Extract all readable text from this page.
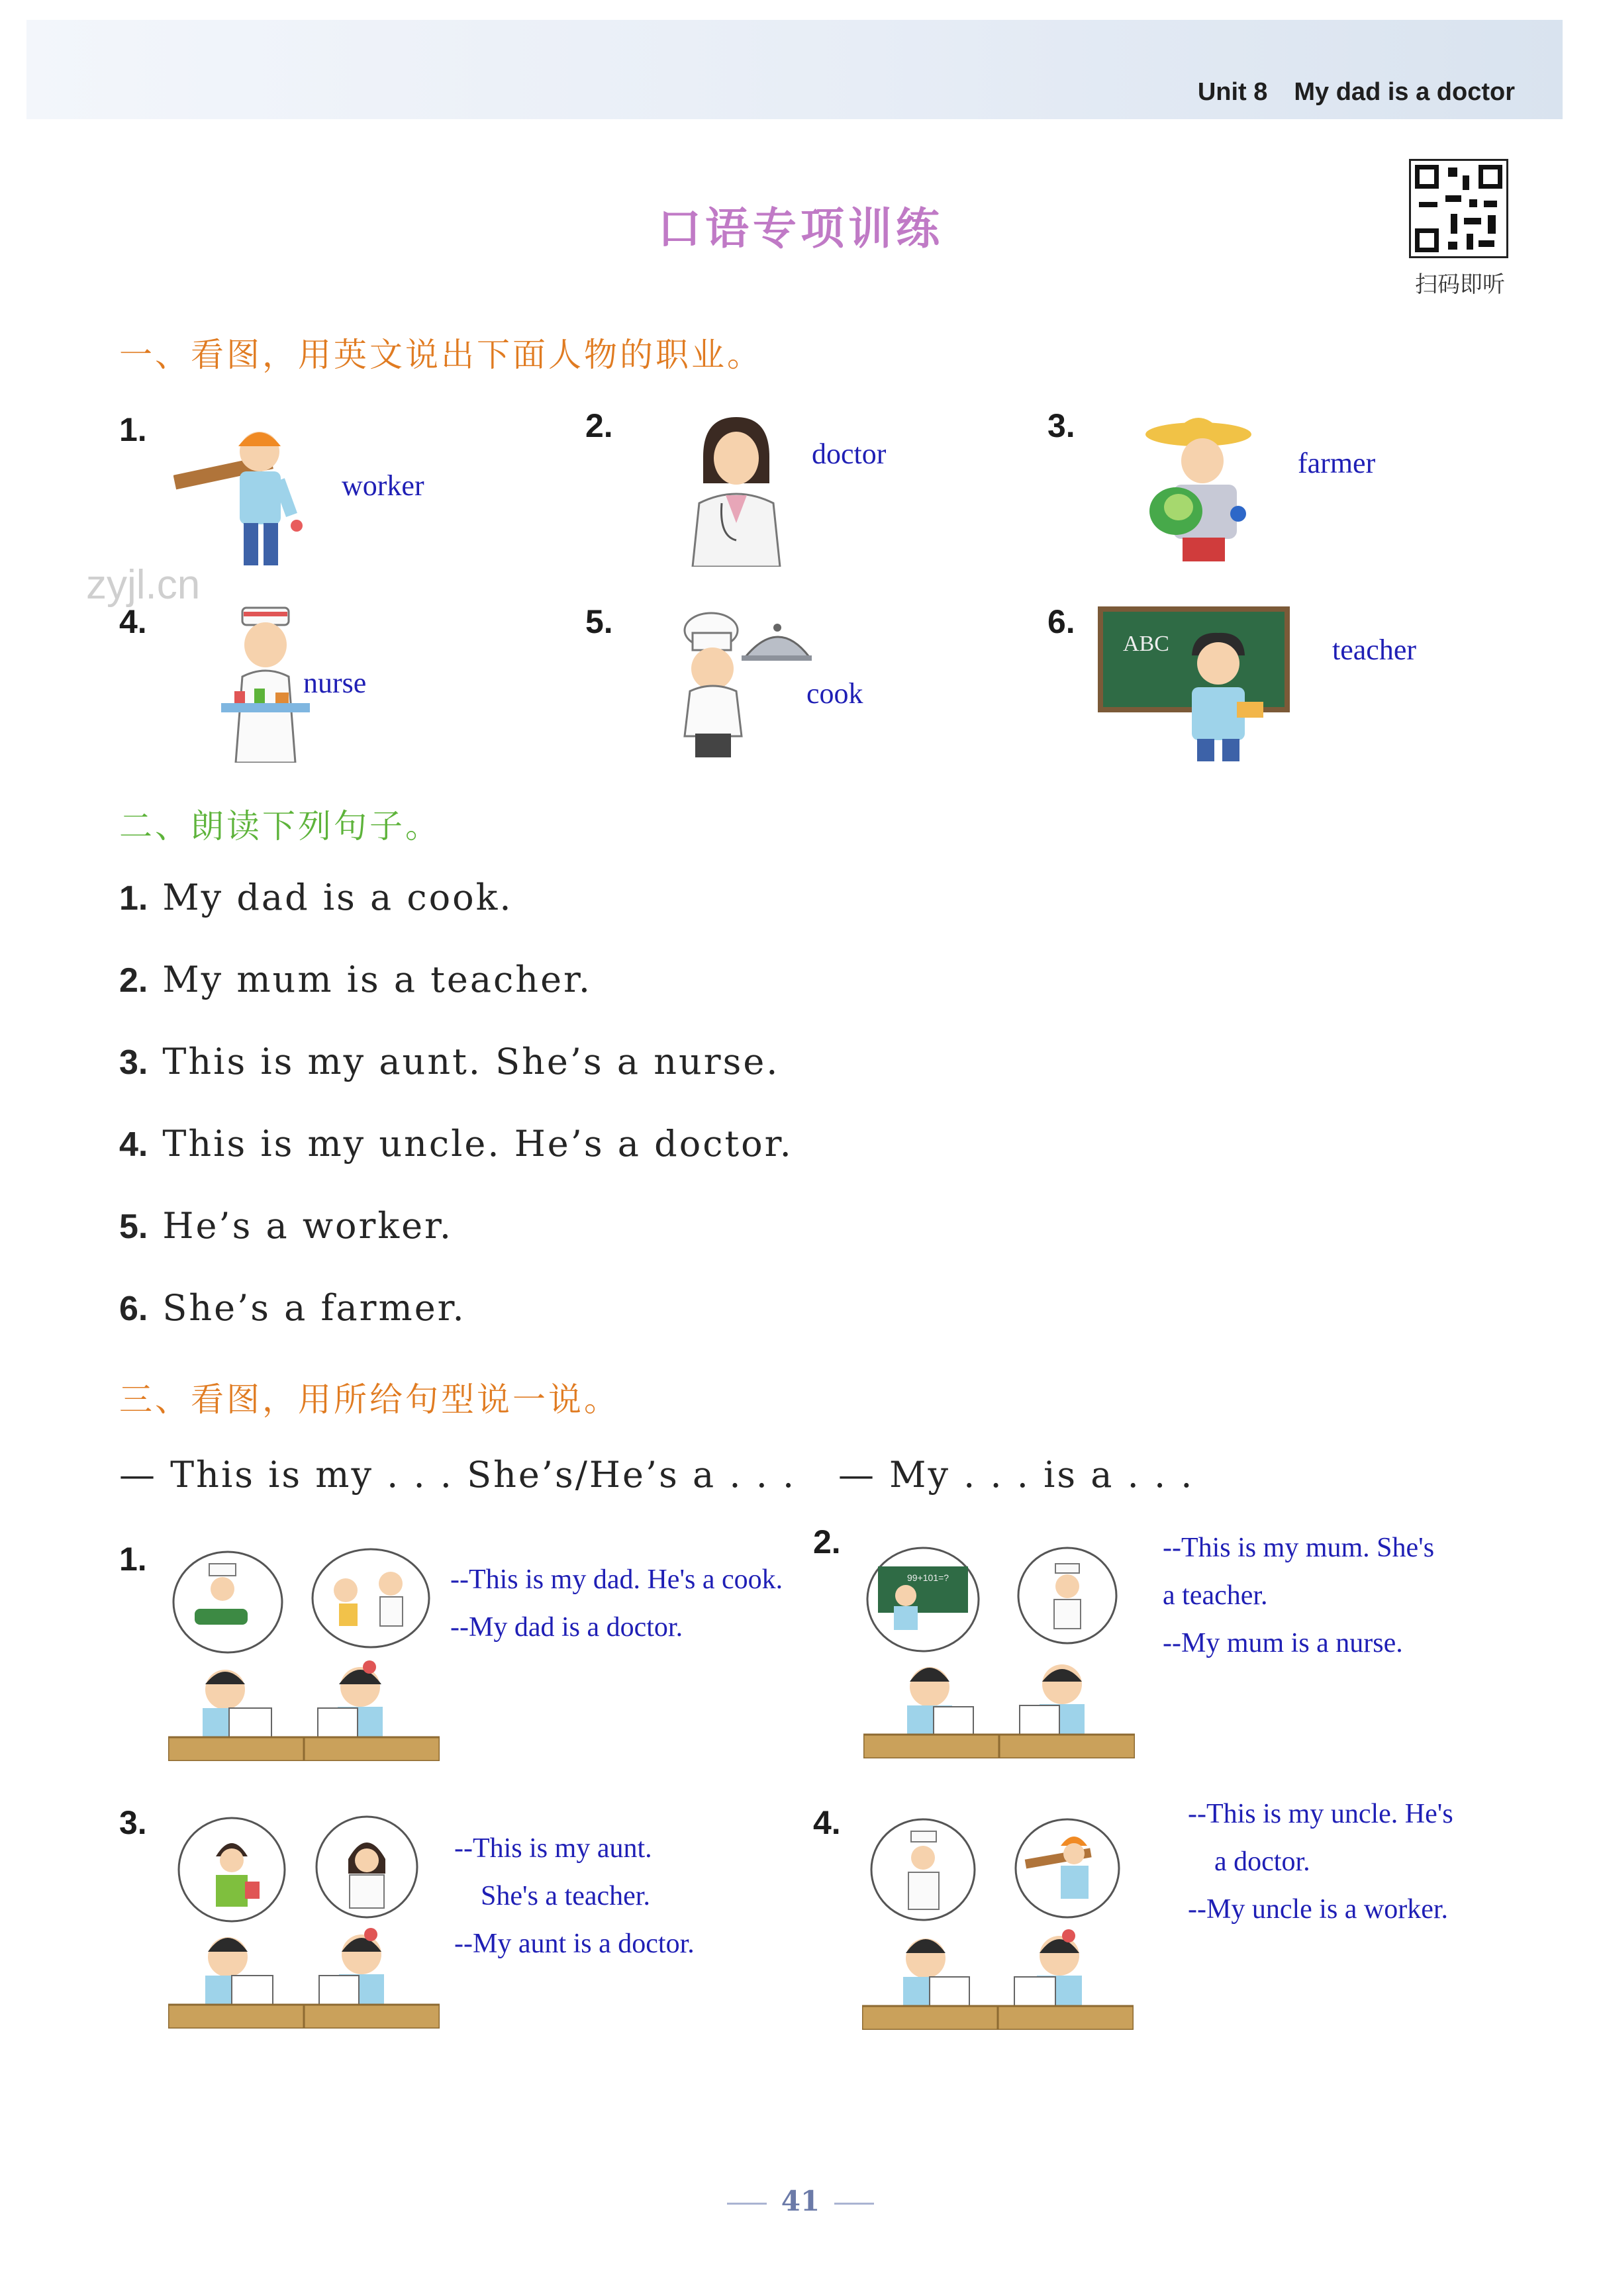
Unit 8 My dad is a doctor
口语专项训练
扫码即听
zyjl.cn
一、看图，用英文说出下面人物的职业。
1.
worker
2.
doctor
3.
farmer
4.
nurse
5.
cook
6.
ABC	teacher
二、朗读下列句子。
1. My dad is a cook.
2. My mum is a teacher.
3. This is my aunt. She’s a nurse.
4. This is my uncle. He’s a doctor.
5. He’s a worker.
6. She’s a farmer.
三、看图，用所给句型说一说。
— This is my . . . She’s/He’s a . . . — My . . . is a . . .
1.
--This is my dad. He's a cook.
--My dad is a doctor.
2.
99+101=?
--This is my mum. She's
a teacher.
--My mum is a nurse.
3.
--This is my aunt.
She's a teacher.
--My aunt is a doctor.
4.	--This is my uncle. He's
a doctor.
--My uncle is a worker.
41
